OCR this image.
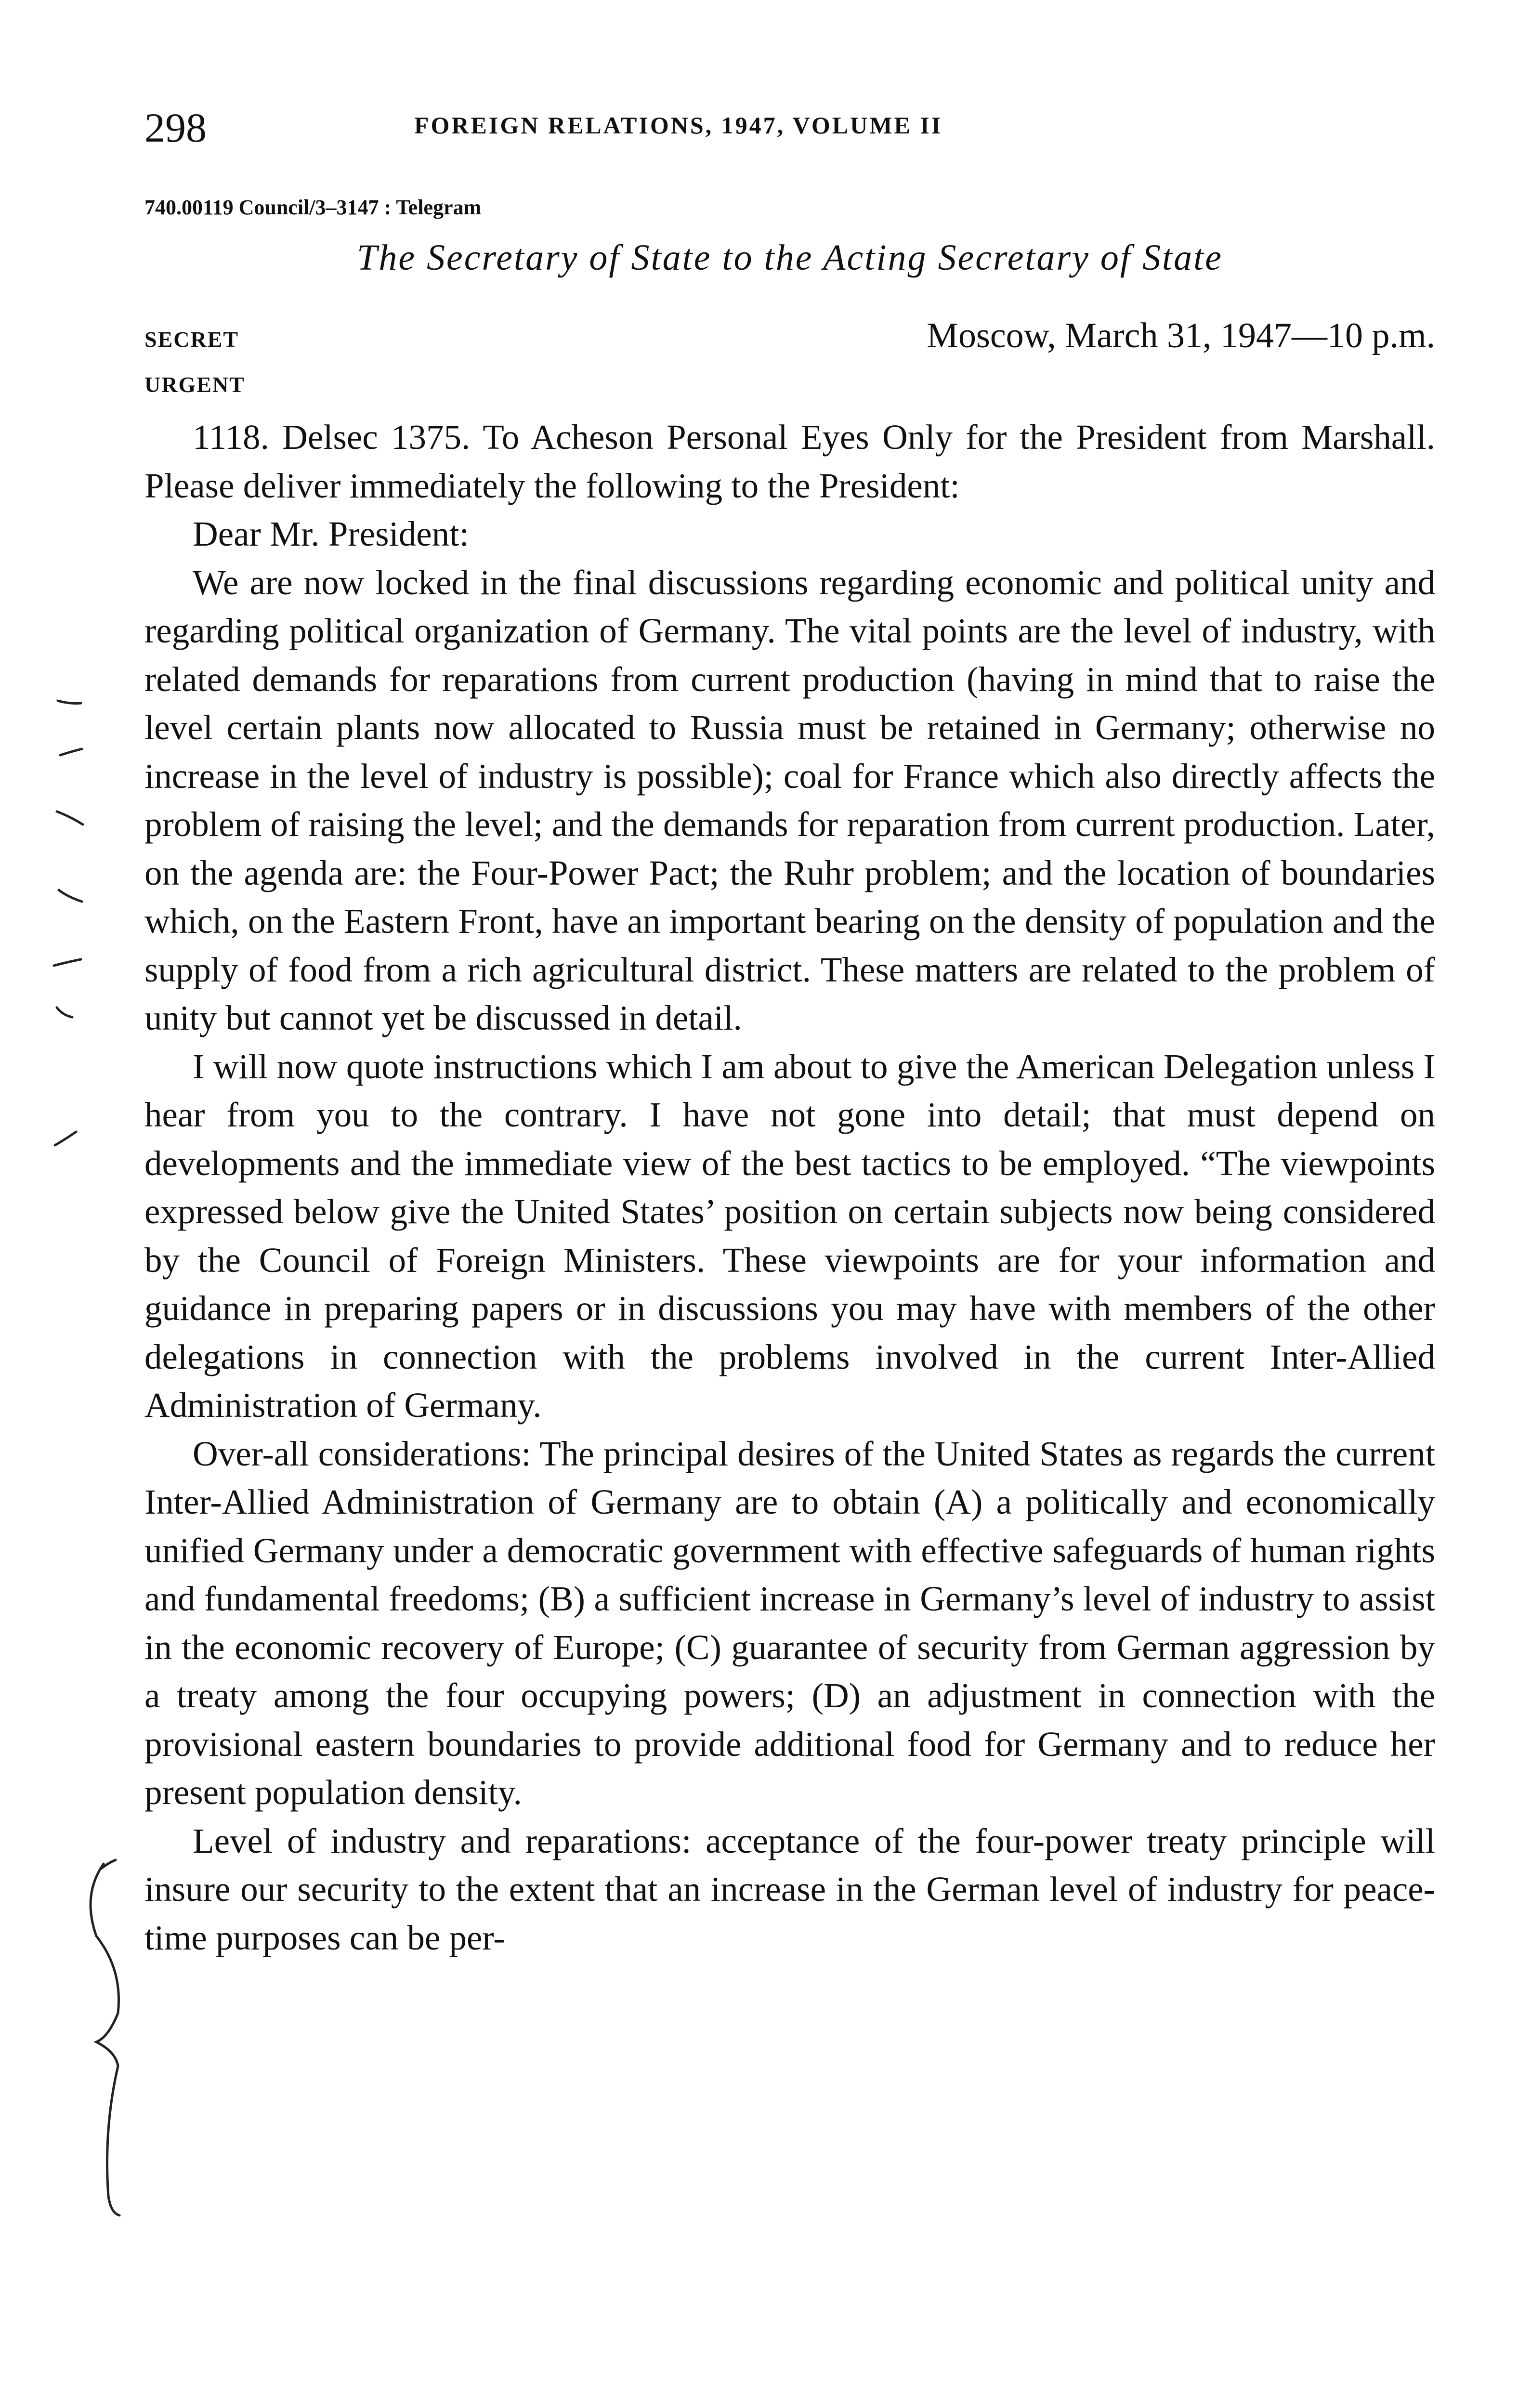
298	FOREIGN RELATIONS, 1947, VOLUME II
740.00119 Council/3–3147 : Telegram
The Secretary of State to the Acting Secretary of State
SECRET	Moscow, March 31, 1947—10 p.m.
URGENT

1118. Delsec 1375. To Acheson Personal Eyes Only for the President from Marshall. Please deliver immediately the following to the President:

Dear Mr. President:

We are now locked in the final discussions regarding economic and political unity and regarding political organization of Germany. The vital points are the level of industry, with related demands for reparations from current production (having in mind that to raise the level certain plants now allocated to Russia must be retained in Germany; otherwise no increase in the level of industry is possible); coal for France which also directly affects the problem of raising the level; and the demands for reparation from current production. Later, on the agenda are: the Four-Power Pact; the Ruhr problem; and the location of boundaries which, on the Eastern Front, have an important bearing on the density of population and the supply of food from a rich agricultural district. These matters are related to the problem of unity but cannot yet be discussed in detail.

I will now quote instructions which I am about to give the American Delegation unless I hear from you to the contrary. I have not gone into detail; that must depend on developments and the immediate view of the best tactics to be employed. “The viewpoints expressed below give the United States’ position on certain subjects now being considered by the Council of Foreign Ministers. These viewpoints are for your information and guidance in preparing papers or in discussions you may have with members of the other delegations in connection with the problems involved in the current Inter-Allied Administration of Germany.

Over-all considerations: The principal desires of the United States as regards the current Inter-Allied Administration of Germany are to obtain (A) a politically and economically unified Germany under a democratic government with effective safeguards of human rights and fundamental freedoms; (B) a sufficient increase in Germany’s level of industry to assist in the economic recovery of Europe; (C) guarantee of security from German aggression by a treaty among the four occupying powers; (D) an adjustment in connection with the provisional eastern boundaries to provide additional food for Germany and to reduce her present population density.

Level of industry and reparations: acceptance of the four-power treaty principle will insure our security to the extent that an increase in the German level of industry for peace-time purposes can be per-
